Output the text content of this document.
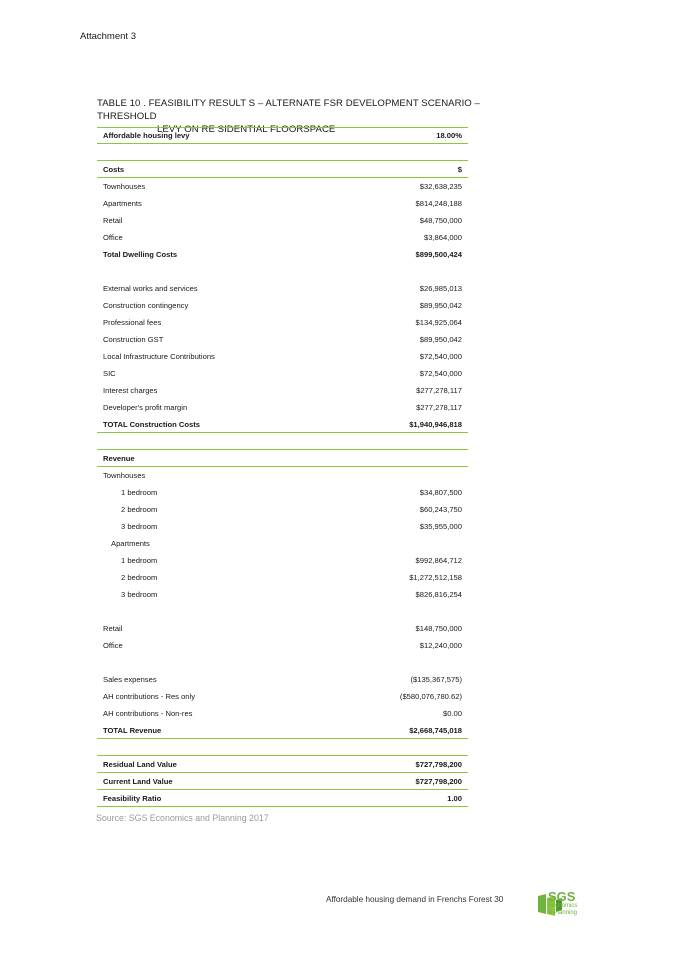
Attachment 3
TABLE 10 . FEASIBILITY RESULT S – ALTERNATE FSR DEVELOPMENT SCENARIO – THRESHOLD
LEVY ON RE SIDENTIAL FLOORSPACE
Affordable housing levy	18.00%
Costs	$
Townhouses	$32,638,235
Apartments	$814,248,188
Retail	$48,750,000
Office	$3,864,000
Total Dwelling Costs	$899,500,424
External works and services	$26,985,013
Construction contingency	$89,950,042
Professional fees	$134,925,064
Construction GST	$89,950,042
Local Infrastructure Contributions	$72,540,000
SIC	$72,540,000
Interest charges	$277,278,117
Developer's profit margin	$277,278,117
TOTAL Construction Costs	$1,940,946,818
Revenue
Townhouses
1 bedroom	$34,807,500
2 bedroom	$60,243,750
3 bedroom	$35,955,000
Apartments
1 bedroom	$992,864,712
2 bedroom	$1,272,512,158
3 bedroom	$826,816,254
Retail	$148,750,000
Office	$12,240,000
Sales expenses	($135,367,575)
AH contributions - Res only	($580,076,780.62)
AH contributions - Non-res	$0.00
TOTAL Revenue	$2,668,745,018
Residual Land Value	$727,798,200
Current Land Value	$727,798,200
Feasibility Ratio	1.00
Source: SGS Economics and Planning 2017
Affordable housing demand in Frenchs Forest 30	SGS
Economics
& Planning
